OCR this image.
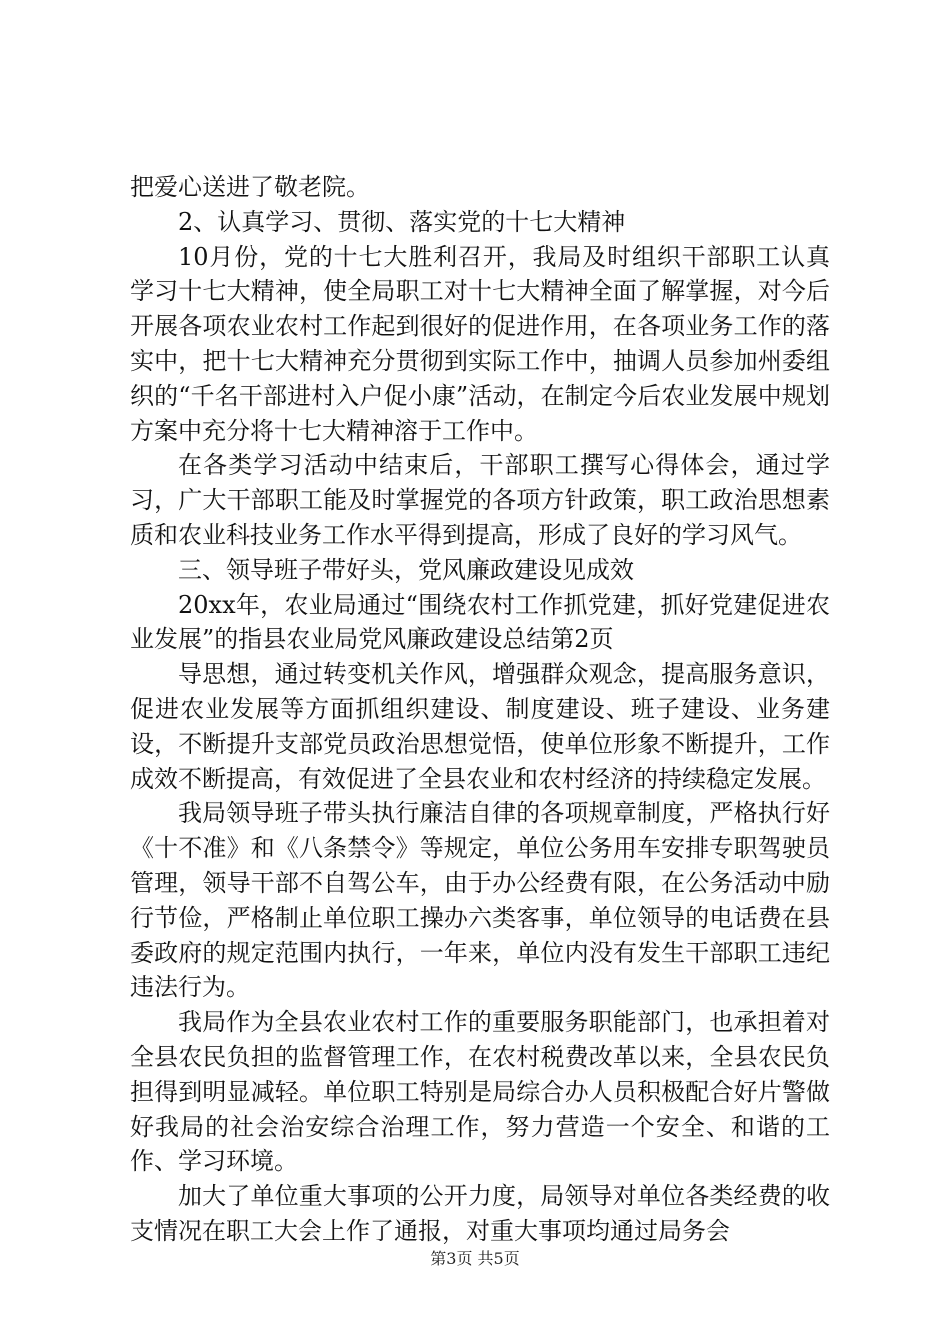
把爱心送进了敬老院。

2、认真学习、贯彻、落实党的十七大精神

10月份，党的十七大胜利召开，我局及时组织干部职工认真学习十七大精神，使全局职工对十七大精神全面了解掌握，对今后开展各项农业农村工作起到很好的促进作用，在各项业务工作的落实中，把十七大精神充分贯彻到实际工作中，抽调人员参加州委组织的“千名干部进村入户促小康”活动，在制定今后农业发展中规划方案中充分将十七大精神溶于工作中。

在各类学习活动中结束后，干部职工撰写心得体会，通过学习，广大干部职工能及时掌握党的各项方针政策，职工政治思想素质和农业科技业务工作水平得到提高，形成了良好的学习风气。

三、领导班子带好头，党风廉政建设见成效

20xx年，农业局通过“围绕农村工作抓党建，抓好党建促进农业发展”的指县农业局党风廉政建设总结第2页

导思想，通过转变机关作风，增强群众观念，提高服务意识，促进农业发展等方面抓组织建设、制度建设、班子建设、业务建设，不断提升支部党员政治思想觉悟，使单位形象不断提升，工作成效不断提高，有效促进了全县农业和农村经济的持续稳定发展。

我局领导班子带头执行廉洁自律的各项规章制度，严格执行好《十不准》和《八条禁令》等规定，单位公务用车安排专职驾驶员管理，领导干部不自驾公车，由于办公经费有限，在公务活动中励行节俭，严格制止单位职工操办六类客事，单位领导的电话费在县委政府的规定范围内执行，一年来，单位内没有发生干部职工违纪违法行为。

我局作为全县农业农村工作的重要服务职能部门，也承担着对全县农民负担的监督管理工作，在农村税费改革以来，全县农民负担得到明显减轻。单位职工特别是局综合办人员积极配合好片警做好我局的社会治安综合治理工作，努力营造一个安全、和谐的工作、学习环境。

加大了单位重大事项的公开力度，局领导对单位各类经费的收支情况在职工大会上作了通报，对重大事项均通过局务会

第3页 共5页
